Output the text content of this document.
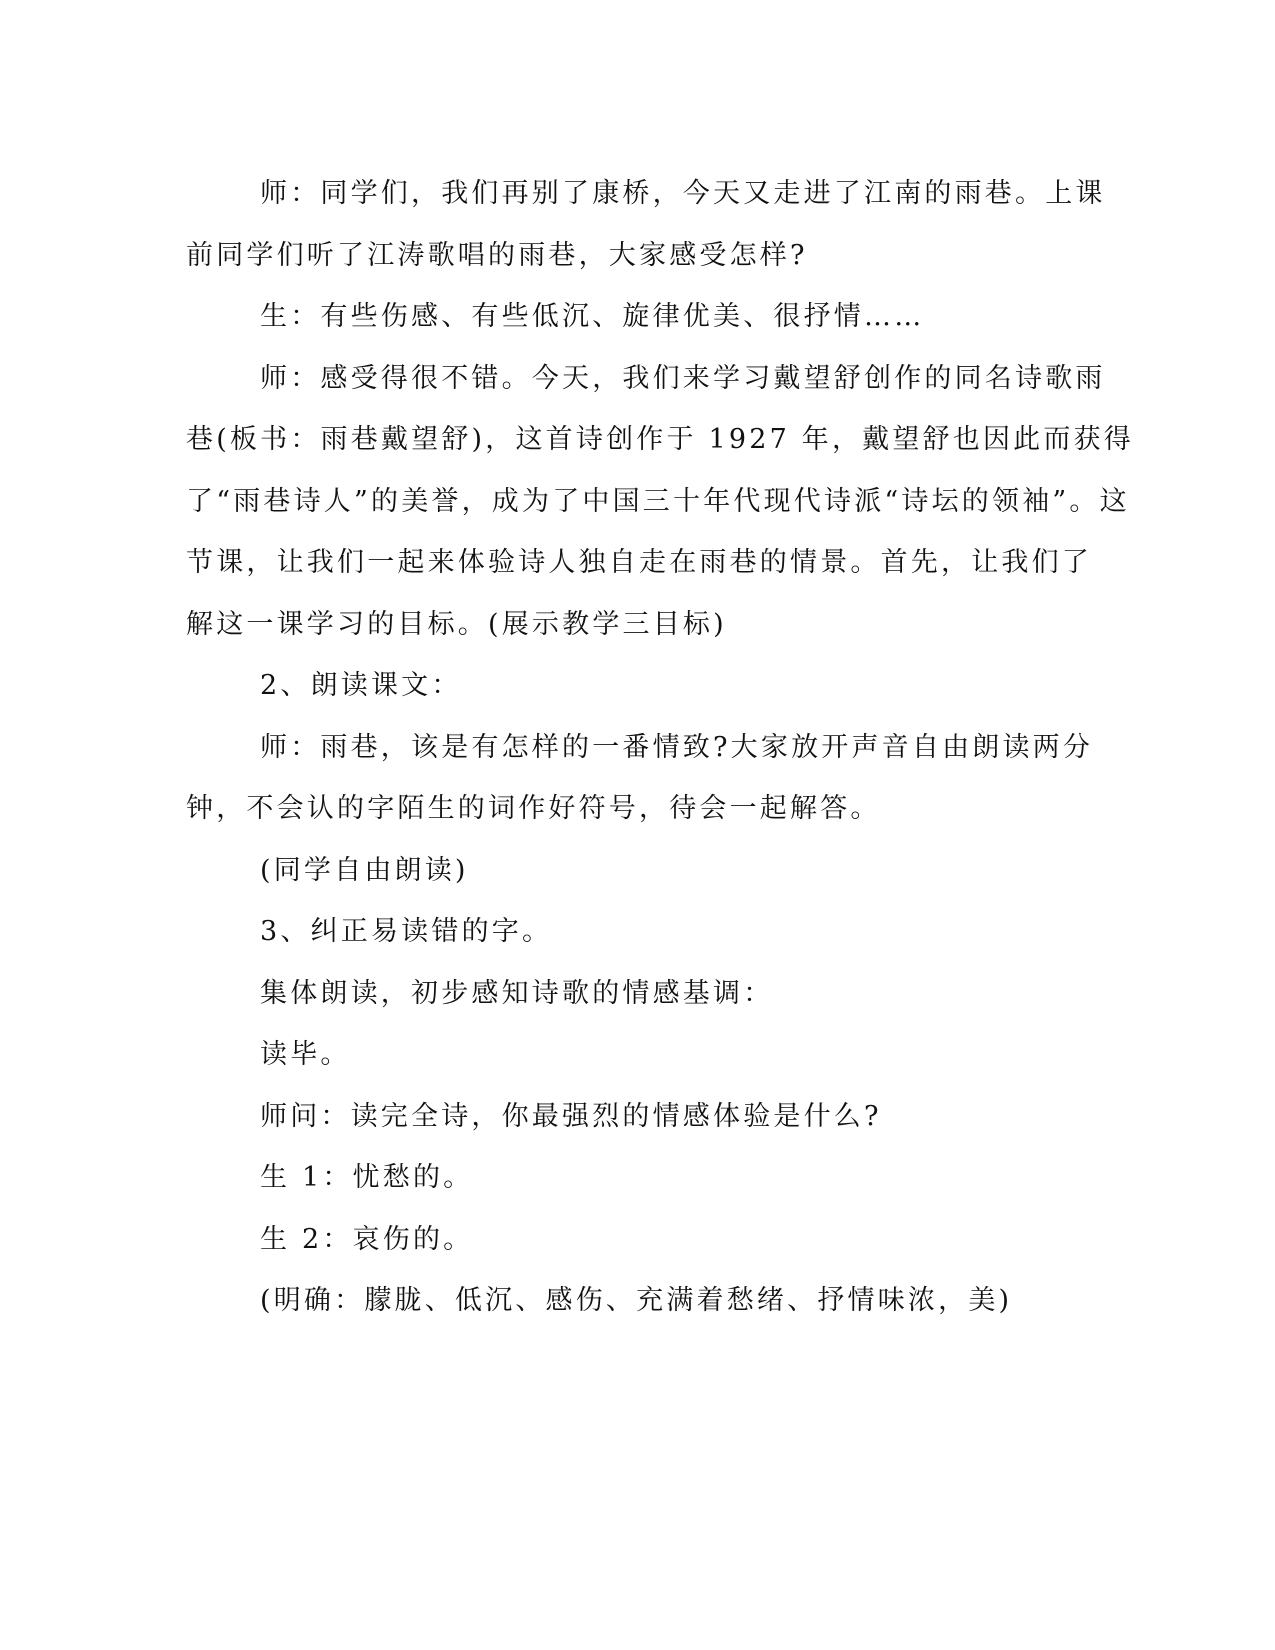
师：同学们，我们再别了康桥，今天又走进了江南的雨巷。上课
前同学们听了江涛歌唱的雨巷，大家感受怎样?

生：有些伤感、有些低沉、旋律优美、很抒情……

师：感受得很不错。今天，我们来学习戴望舒创作的同名诗歌雨
巷(板书：雨巷戴望舒)，这首诗创作于 1927 年，戴望舒也因此而获得
了“雨巷诗人”的美誉，成为了中国三十年代现代诗派“诗坛的领袖”。这
节课，让我们一起来体验诗人独自走在雨巷的情景。首先，让我们了
解这一课学习的目标。(展示教学三目标)

2、朗读课文：

师：雨巷，该是有怎样的一番情致?大家放开声音自由朗读两分
钟，不会认的字陌生的词作好符号，待会一起解答。

(同学自由朗读)

3、纠正易读错的字。

集体朗读，初步感知诗歌的情感基调：

读毕。

师问：读完全诗，你最强烈的情感体验是什么?

生 1：忧愁的。

生 2：哀伤的。

(明确：朦胧、低沉、感伤、充满着愁绪、抒情味浓，美)
